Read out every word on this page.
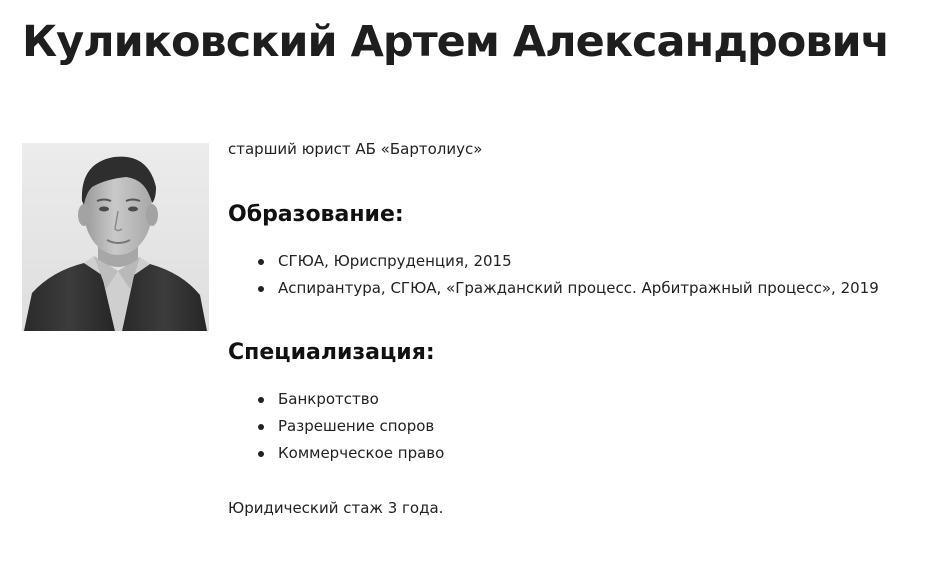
Куликовский Артем Александрович

старший юрист АБ «Бартолиус»

Образование:
СГЮА, Юриспруденция, 2015
Аспирантура, СГЮА, «Гражданский процесс. Арбитражный процесс», 2019
Специализация:
Банкротство
Разрешение споров
Коммерческое право

Юридический стаж 3 года.
